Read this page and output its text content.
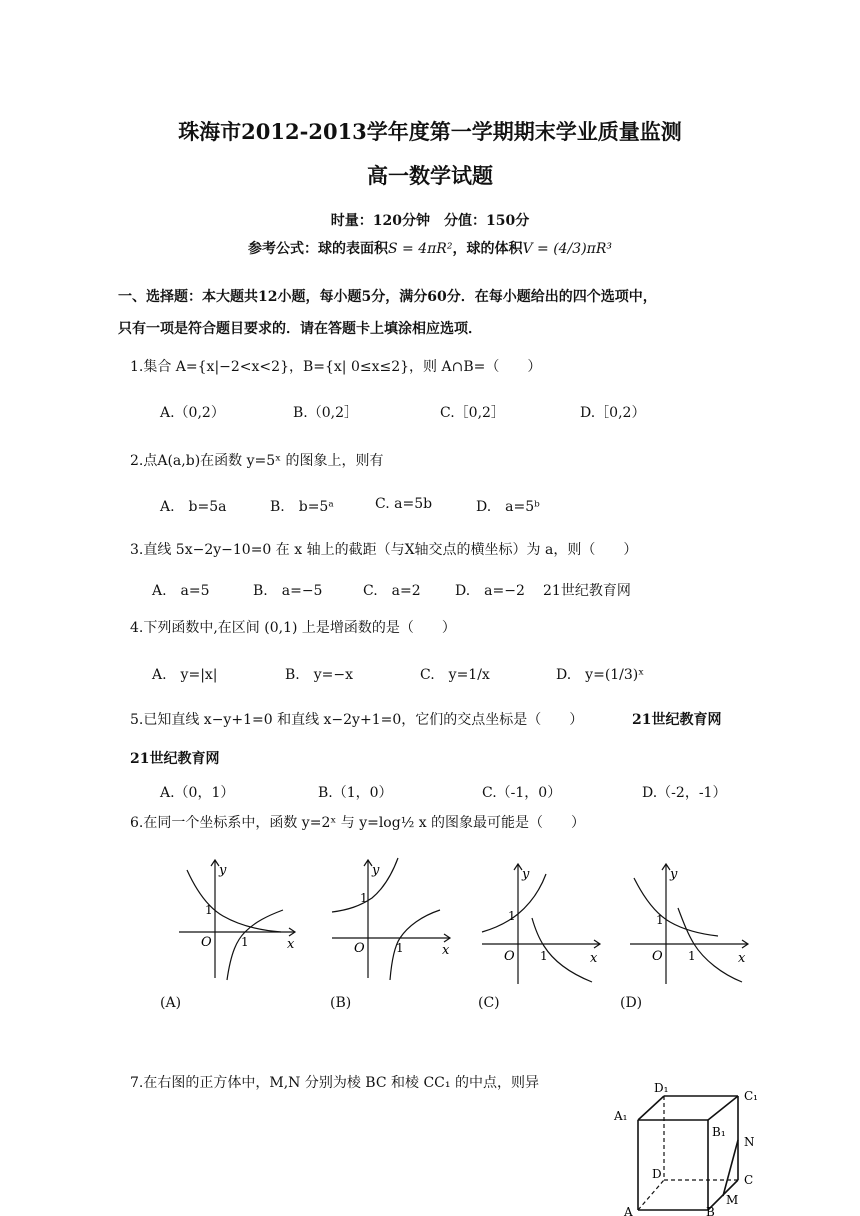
珠海市2012-2013学年度第一学期期末学业质量监测
高一数学试题
时量：120分钟　分值：150分
参考公式：球的表面积S = 4πR²，球的体积V = (4/3)πR³
一、选择题：本大题共12小题，每小题5分，满分60分．在每小题给出的四个选项中，
只有一项是符合题目要求的．请在答题卡上填涂相应选项．
1.集合 A={x|−2<x<2}，B={x| 0≤x≤2}，则 A∩B=（　　）
A.（0,2）	B.（0,2］	C.［0,2］	D.［0,2）
2.点A(a,b)在函数 y=5ˣ 的图象上，则有
A.　b=5a	B.　b=5ᵃ	C. a=5b	D.　a=5ᵇ
3.直线 5x−2y−10=0 在 x 轴上的截距（与X轴交点的横坐标）为 a，则（　　）
A.　a=5	B.　a=−5	C.　a=2 D.　a=−2 21世纪教育网
4.下列函数中,在区间 (0,1) 上是增函数的是（　　）
A.　y=|x|	B.　y=−x	C.　y=1/x	D.　y=(1/3)ˣ
5.已知直线 x−y+1=0 和直线 x−2y+1=0，它们的交点坐标是（　　）	21世纪教育网
21世纪教育网
A.（0，1）	B.（1，0）	C.（-1，0）	D.（-2，-1）
6.在同一个坐标系中，函数 y=2ˣ 与 y=log½ x 的图象最可能是（　　）
y
x
O
1
1
y
x
O
1
1
y
x
O
1
1
y
x
O
1
1
(A)	(B)	(C)	(D)
7.在右图的正方体中，M,N 分别为棱 BC 和棱 CC₁ 的中点，则异	D₁
C₁
A₁
B₁
N
D	C
A
M
B
